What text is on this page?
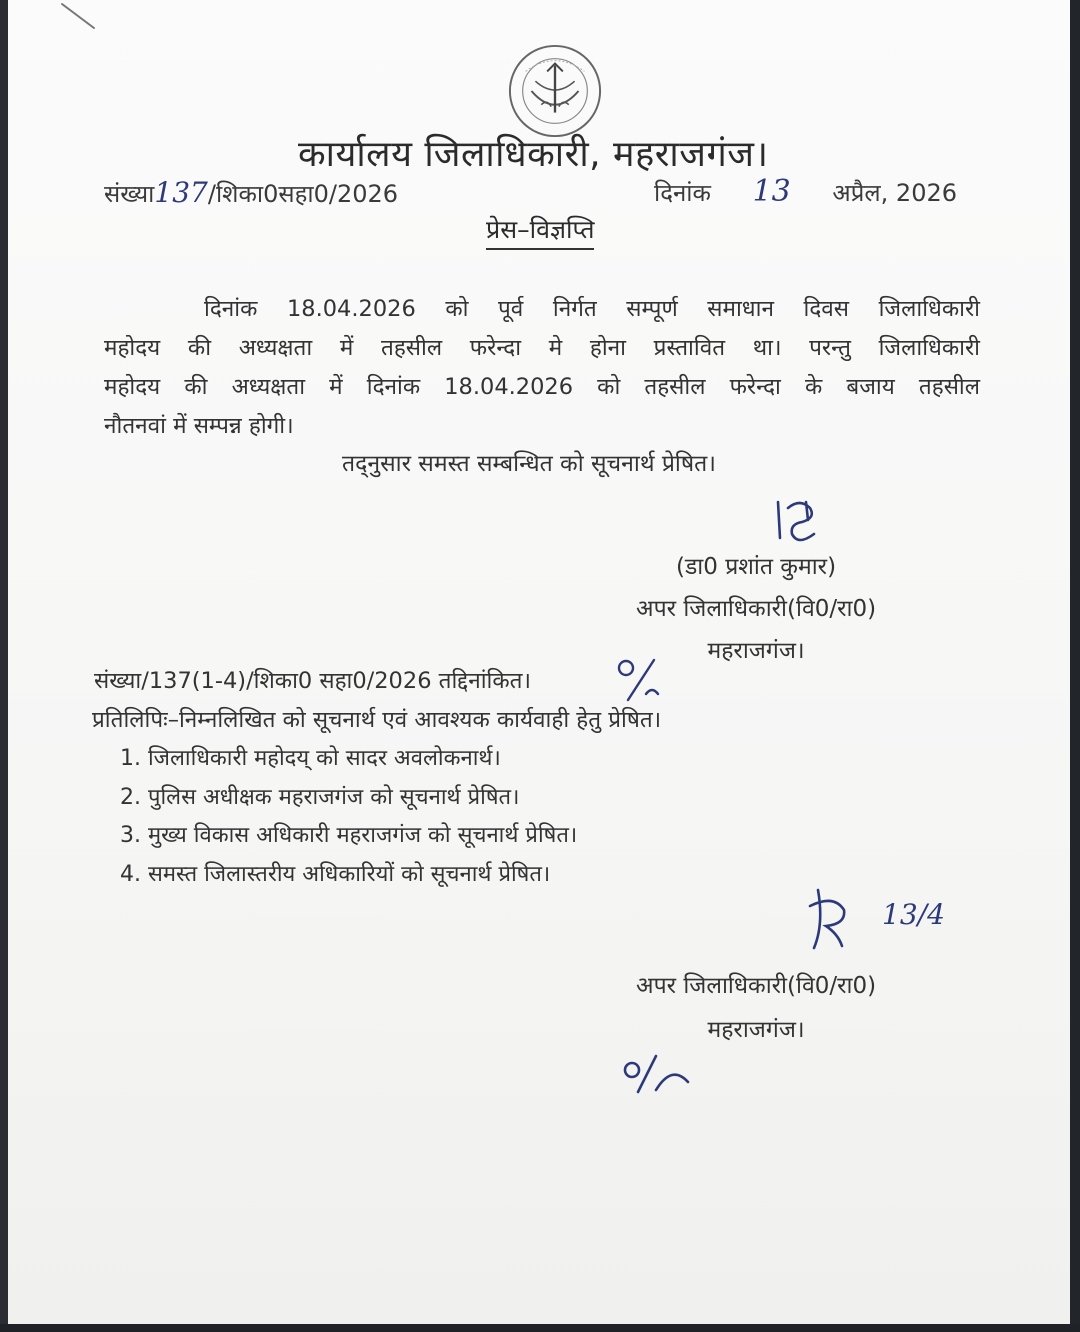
कार्यालय जिलाधिकारी, महराजगंज।
संख्या137/शिका0सहा0/2026	दिनांक 13 अप्रैल, 2026
प्रेस–विज्ञप्ति

दिनांक 18.04.2026 को पूर्व निर्गत सम्पूर्ण समाधान दिवस जिलाधिकारी

महोदय की अध्यक्षता में तहसील फरेन्दा मे होना प्रस्तावित था। परन्तु जिलाधिकारी

महोदय की अध्यक्षता में दिनांक 18.04.2026 को तहसील फरेन्दा के बजाय तहसील

नौतनवां में सम्पन्न होगी।

तद्नुसार समस्त सम्बन्धित को सूचनार्थ प्रेषित।
(डा0 प्रशांत कुमार)
अपर जिलाधिकारी(वि0/रा0)
महराजगंज।
संख्या/137(1-4)/शिका0 सहा0/2026 तद्दिनांकित।
प्रतिलिपिः–निम्नलिखित को सूचनार्थ एवं आवश्यक कार्यवाही हेतु प्रेषित।
1. जिलाधिकारी महोदय् को सादर अवलोकनार्थ।
2. पुलिस अधीक्षक महराजगंज को सूचनार्थ प्रेषित।
3. मुख्य विकास अधिकारी महराजगंज को सूचनार्थ प्रेषित।
4. समस्त जिलास्तरीय अधिकारियों को सूचनार्थ प्रेषित।
13/4
अपर जिलाधिकारी(वि0/रा0)
महराजगंज।
